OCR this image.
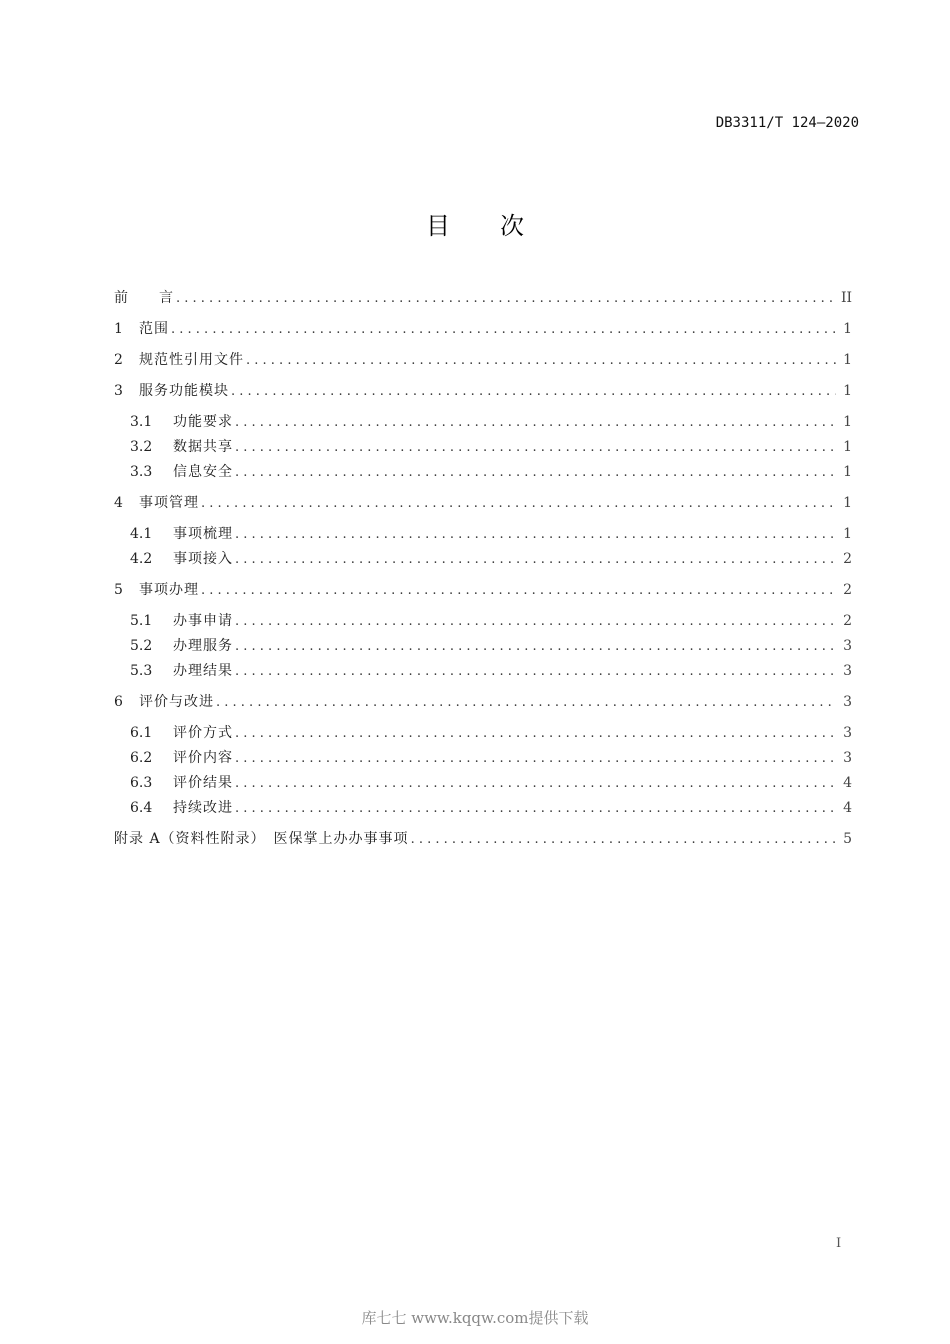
DB3311/T 124—2020
目 次
前　　言 . . .	II
1	范围 . . .	1
2	规范性引用文件 . . .	1
3	服务功能模块 . . .	1
3.1	功能要求 . . .	1
3.2	数据共享 . . .	1
3.3	信息安全 . . .	1
4	事项管理 . . .	1
4.1	事项梳理 . . .	1
4.2	事项接入 . . .	2
5	事项办理 . . .	2
5.1	办事申请 . . .	2
5.2	办理服务 . . .	3
5.3	办理结果 . . .	3
6	评价与改进 . . .	3
6.1	评价方式 . . .	3
6.2	评价内容 . . .	3
6.3	评价结果 . . .	4
6.4	持续改进 . . .	4
附录 A（资料性附录）　医保掌上办办事事项 . . .	5
I
库七七 www.kqqw.com提供下载
